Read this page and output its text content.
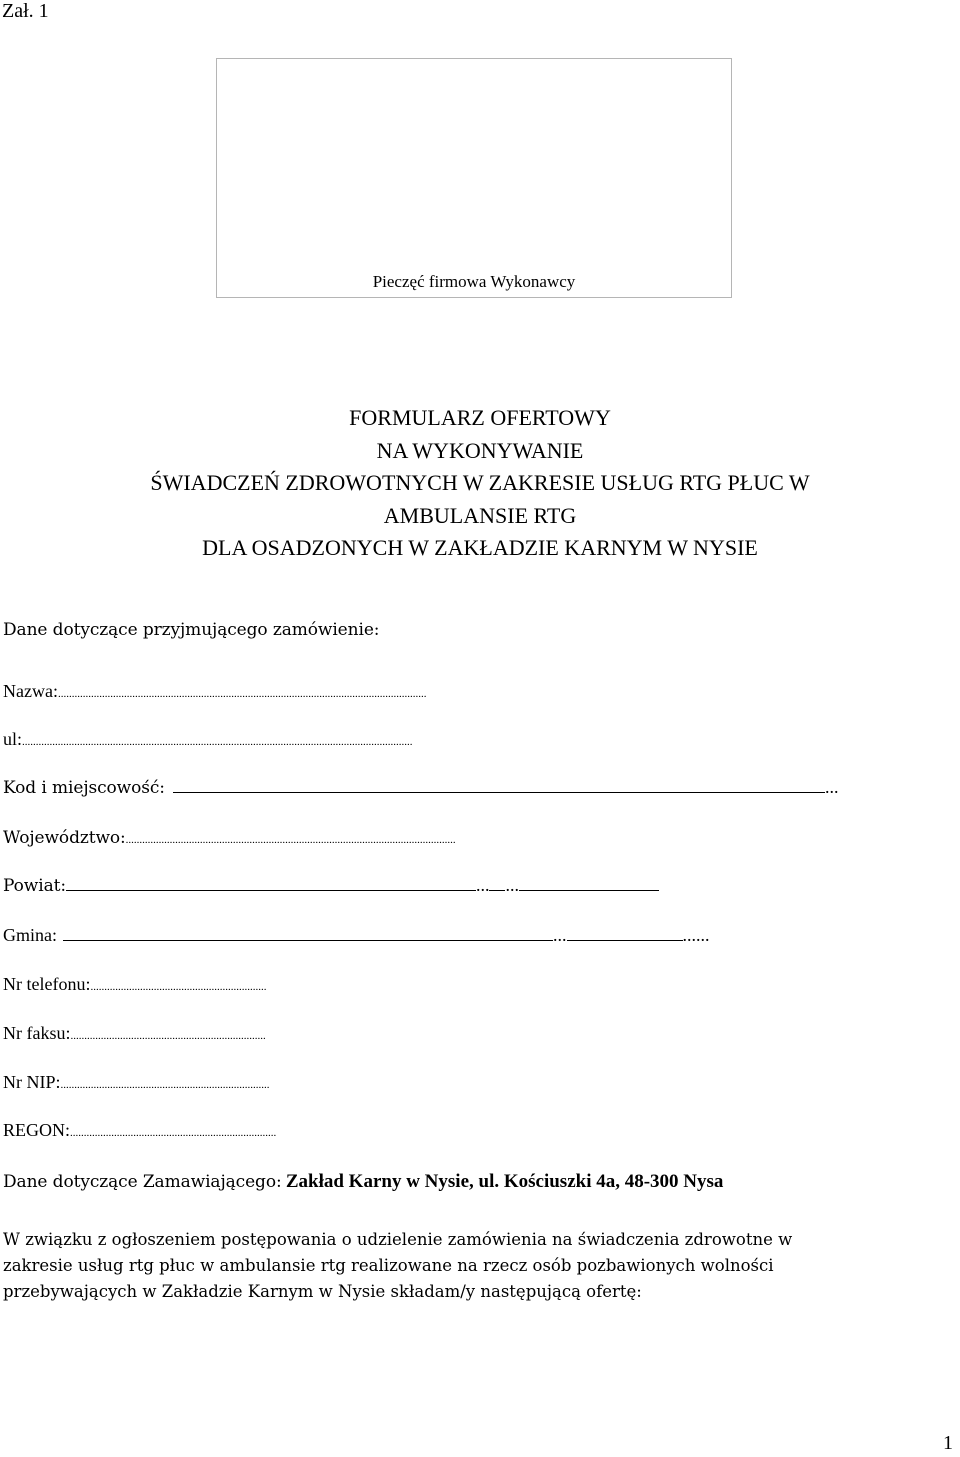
Zał. 1
Pieczęć firmowa Wykonawcy
FORMULARZ OFERTOWY
NA WYKONYWANIE
ŚWIADCZEŃ ZDROWOTNYCH W ZAKRESIE USŁUG RTG PŁUC W
AMBULANSIE RTG
DLA OSADZONYCH W ZAKŁADZIE KARNYM W NYSIE
Dane dotyczące przyjmującego zamówienie:
Nazwa:......................................................................................................................................
ul:..............................................................................................................................................
Kod i miejscowość:	...
Województwo:........................................................................................................................
Powiat:	... ...
Gmina:	...	......
Nr telefonu:................................................................
Nr faksu:.......................................................................
Nr NIP:............................................................................
REGON:...........................................................................
Dane dotyczące Zamawiającego: Zakład Karny w Nysie, ul. Kościuszki 4a, 48-300 Nysa
W związku z ogłoszeniem postępowania o udzielenie zamówienia na świadczenia zdrowotne w
zakresie usług rtg płuc w ambulansie rtg realizowane na rzecz osób pozbawionych wolności
przebywających w Zakładzie Karnym w Nysie składam/y następującą ofertę:
1
